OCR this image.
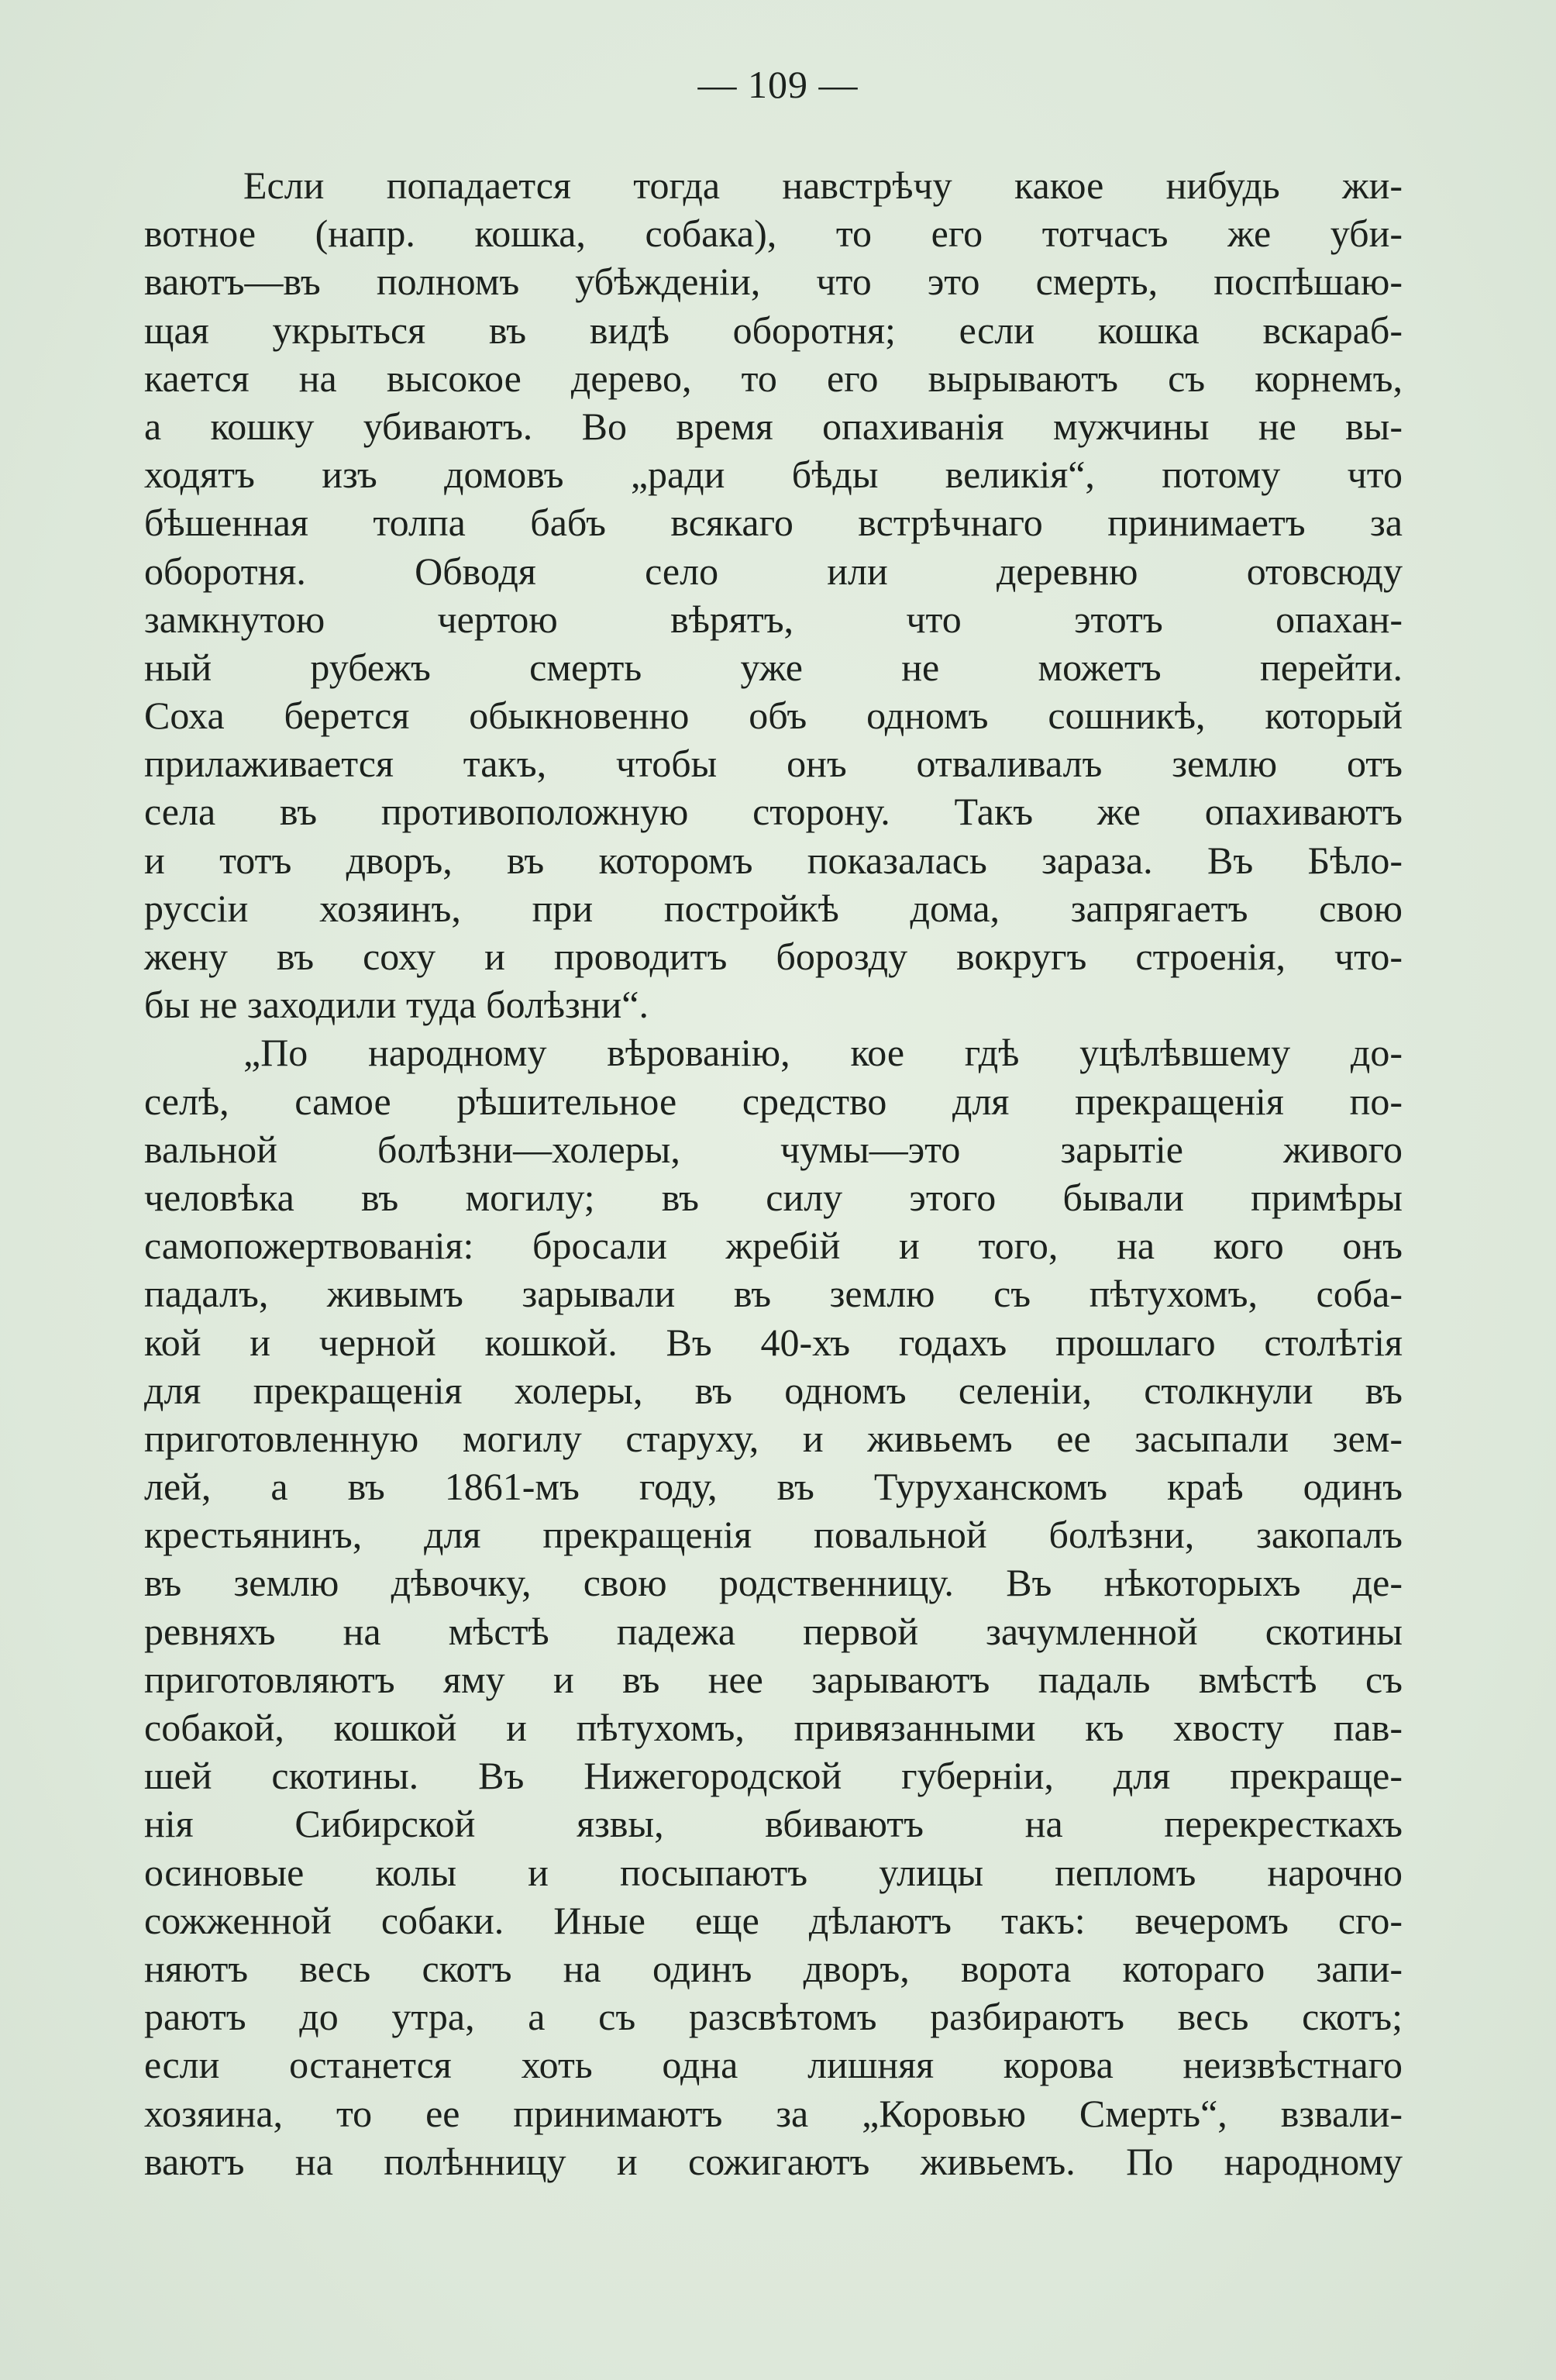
— 109 —
Если попадается тогда навстрѣчу какое нибудь жи-
вотное (напр. кошка, собака), то его тотчасъ же уби-
ваютъ—въ полномъ убѣжденіи, что это смерть, поспѣшаю-
щая укрыться въ видѣ оборотня; если кошка вскараб-
кается на высокое дерево, то его вырываютъ съ корнемъ,
а кошку убиваютъ. Во время опахиванія мужчины не вы-
ходятъ изъ домовъ „ради бѣды великія“, потому что
бѣшенная толпа бабъ всякаго встрѣчнаго принимаетъ за
оборотня. Обводя село или деревню отовсюду
замкнутою чертою вѣрятъ, что этотъ опахан-
ный рубежъ смерть уже не можетъ перейти.
Соха берется обыкновенно объ одномъ сошникѣ, который
прилаживается такъ, чтобы онъ отваливалъ землю отъ
села въ противоположную сторону. Такъ же опахиваютъ
и тотъ дворъ, въ которомъ показалась зараза. Въ Бѣло-
руссіи хозяинъ, при постройкѣ дома, запрягаетъ свою
жену въ соху и проводитъ борозду вокругъ строенія, что-
бы не заходили туда болѣзни“.
„По народному вѣрованію, кое гдѣ уцѣлѣвшему до-
селѣ, самое рѣшительное средство для прекращенія по-
вальной болѣзни—холеры, чумы—это зарытіе живого
человѣка въ могилу; въ силу этого бывали примѣры
самопожертвованія: бросали жребій и того, на кого онъ
падалъ, живымъ зарывали въ землю съ пѣтухомъ, соба-
кой и черной кошкой. Въ 40-хъ годахъ прошлаго столѣтія
для прекращенія холеры, въ одномъ селеніи, столкнули въ
приготовленную могилу старуху, и живьемъ ее засыпали зем-
лей, а въ 1861-мъ году, въ Туруханскомъ краѣ одинъ
крестьянинъ, для прекращенія повальной болѣзни, закопалъ
въ землю дѣвочку, свою родственницу. Въ нѣкоторыхъ де-
ревняхъ на мѣстѣ падежа первой зачумленной скотины
приготовляютъ яму и въ нее зарываютъ падаль вмѣстѣ съ
собакой, кошкой и пѣтухомъ, привязанными къ хвосту пав-
шей скотины. Въ Нижегородской губерніи, для прекраще-
нія Сибирской язвы, вбиваютъ на перекресткахъ
осиновые колы и посыпаютъ улицы пепломъ нарочно
сожженной собаки. Иные еще дѣлаютъ такъ: вечеромъ сго-
няютъ весь скотъ на одинъ дворъ, ворота котораго запи-
раютъ до утра, а съ разсвѣтомъ разбираютъ весь скотъ;
если останется хоть одна лишняя корова неизвѣстнаго
хозяина, то ее принимаютъ за „Коровью Смерть“, взвали-
ваютъ на полѣнницу и сожигаютъ живьемъ. По народному
